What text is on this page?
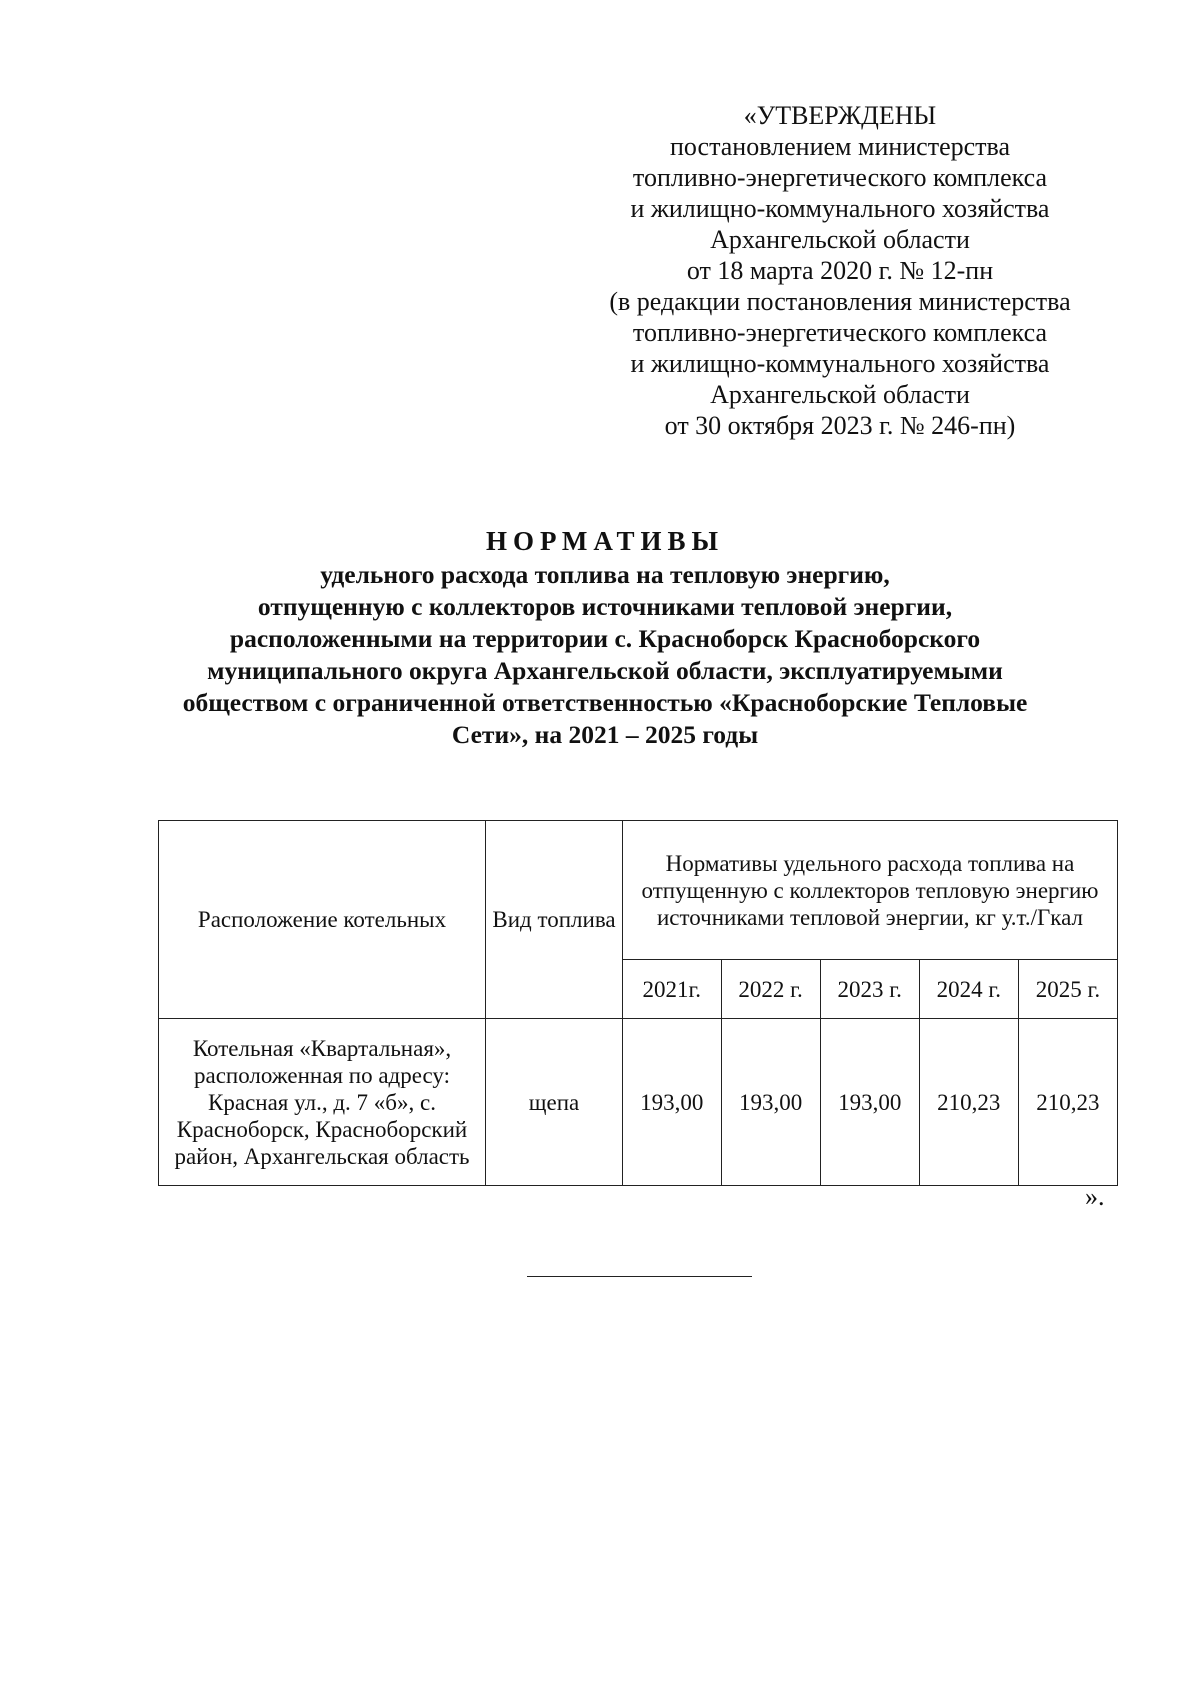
«УТВЕРЖДЕНЫ
постановлением министерства
топливно-энергетического комплекса
и жилищно-коммунального хозяйства
Архангельской области
от 18 марта 2020 г. № 12-пн
(в редакции постановления министерства
топливно-энергетического комплекса
и жилищно-коммунального хозяйства
Архангельской области
от 30 октября 2023 г. № 246-пн)
НОРМАТИВЫ
удельного расхода топлива на тепловую энергию,
отпущенную с коллекторов источниками тепловой энергии,
расположенными на территории с. Красноборск Красноборского
муниципального округа Архангельской области, эксплуатируемыми
обществом с ограниченной ответственностью «Красноборские Тепловые
Сети», на 2021 – 2025 годы
Расположение котельных	Вид топлива	Нормативы удельного расхода топлива на отпущенную с коллекторов тепловую энергию источниками тепловой энергии, кг у.т./Гкал				
		2021г.	2022 г.	2023 г.	2024 г.	2025 г.
Котельная «Квартальная», расположенная по адресу: Красная ул., д. 7 «б», с. Красноборск, Красноборский район, Архангельская область	щепа	193,00	193,00	193,00	210,23	210,23
».
